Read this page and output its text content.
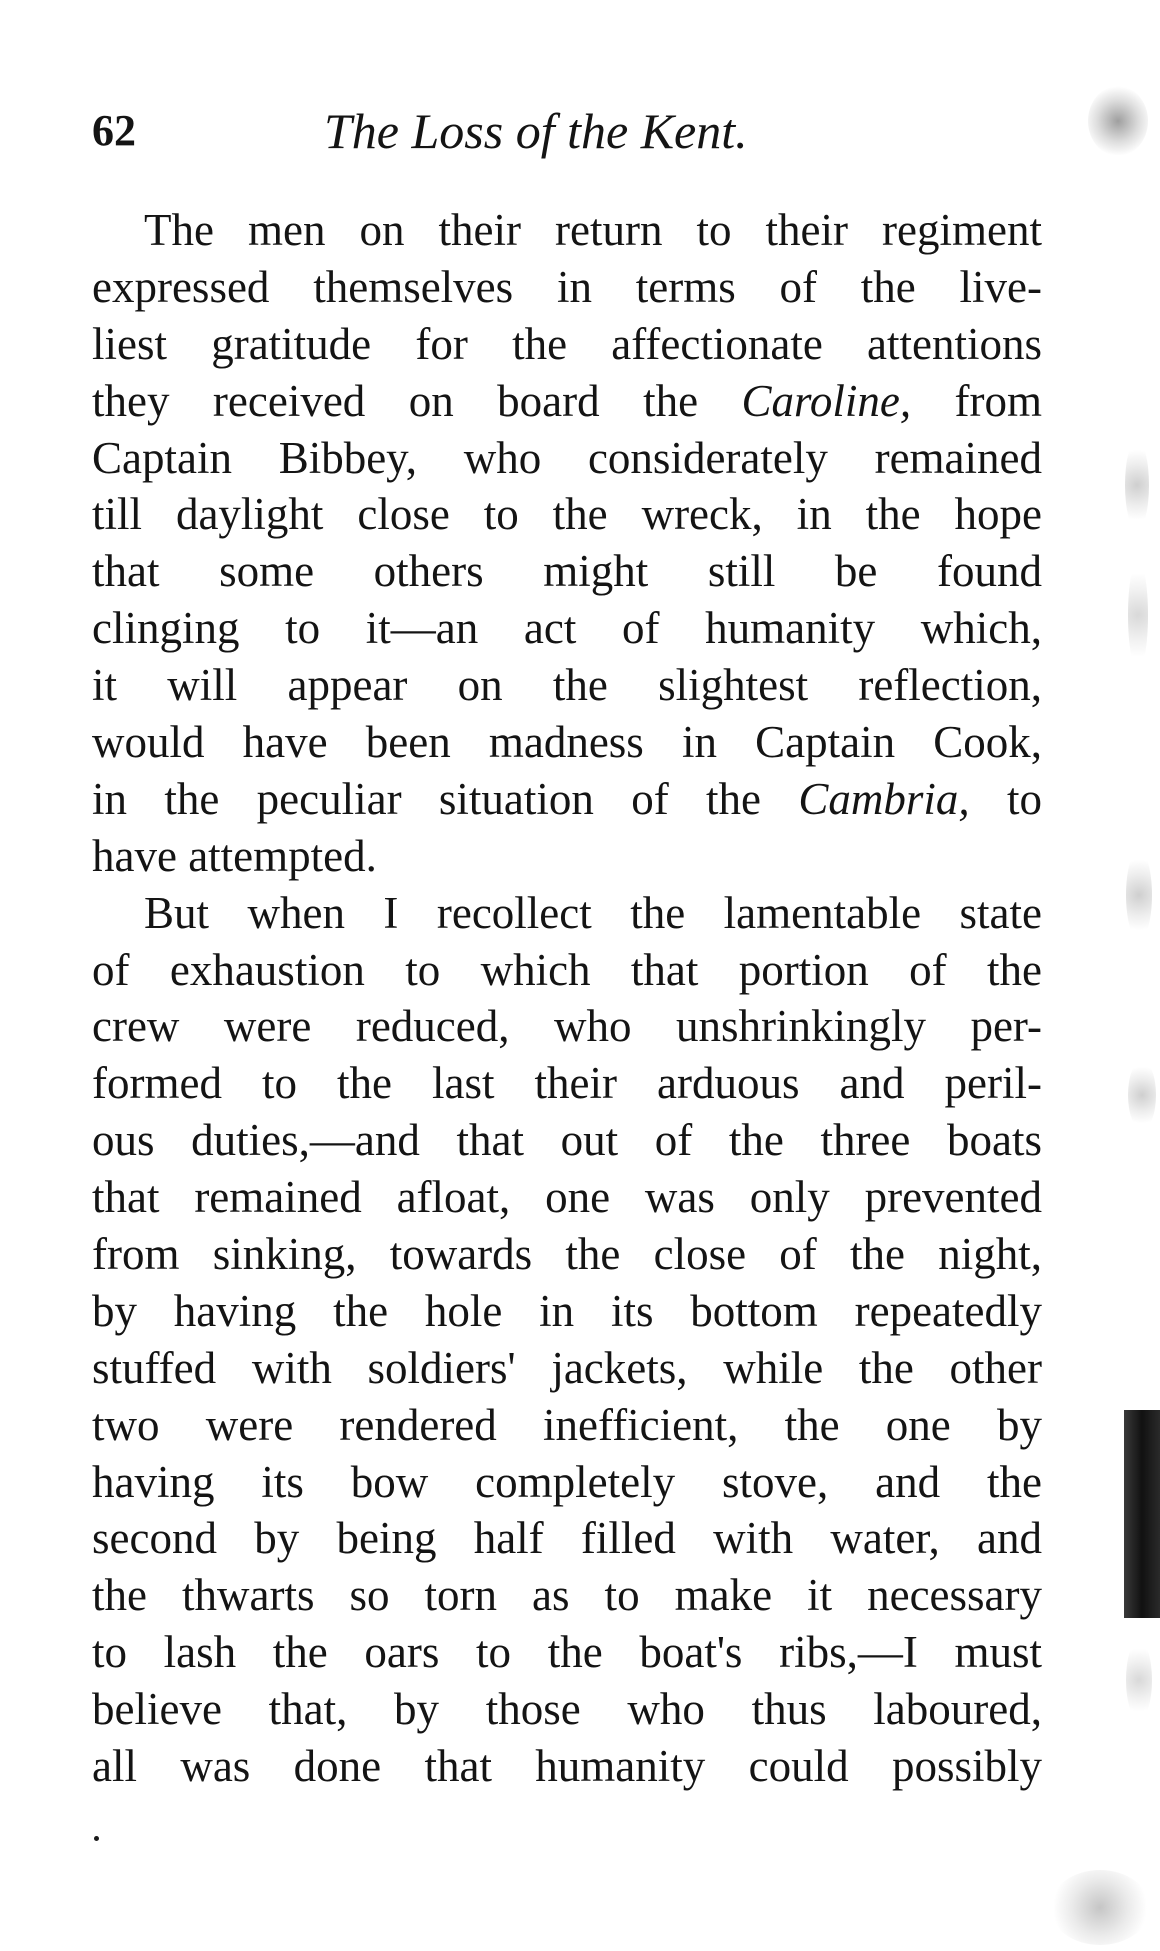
62	The Loss of the Kent.
The men on their return to their regiment
expressed themselves in terms of the live-
liest gratitude for the affectionate attentions
they received on board the Caroline, from
Captain Bibbey, who considerately remained
till daylight close to the wreck, in the hope
that some others might still be found
clinging to it—an act of humanity which,
it will appear on the slightest reflection,
would have been madness in Captain Cook,
in the peculiar situation of the Cambria, to
have attempted.
But when I recollect the lamentable state
of exhaustion to which that portion of the
crew were reduced, who unshrinkingly per-
formed to the last their arduous and peril-
ous duties,—and that out of the three boats
that remained afloat, one was only prevented
from sinking, towards the close of the night,
by having the hole in its bottom repeatedly
stuffed with soldiers' jackets, while the other
two were rendered inefficient, the one by
having its bow completely stove, and the
second by being half filled with water, and
the thwarts so torn as to make it necessary
to lash the oars to the boat's ribs,—I must
believe that, by those who thus laboured,
all was done that humanity could possibly
